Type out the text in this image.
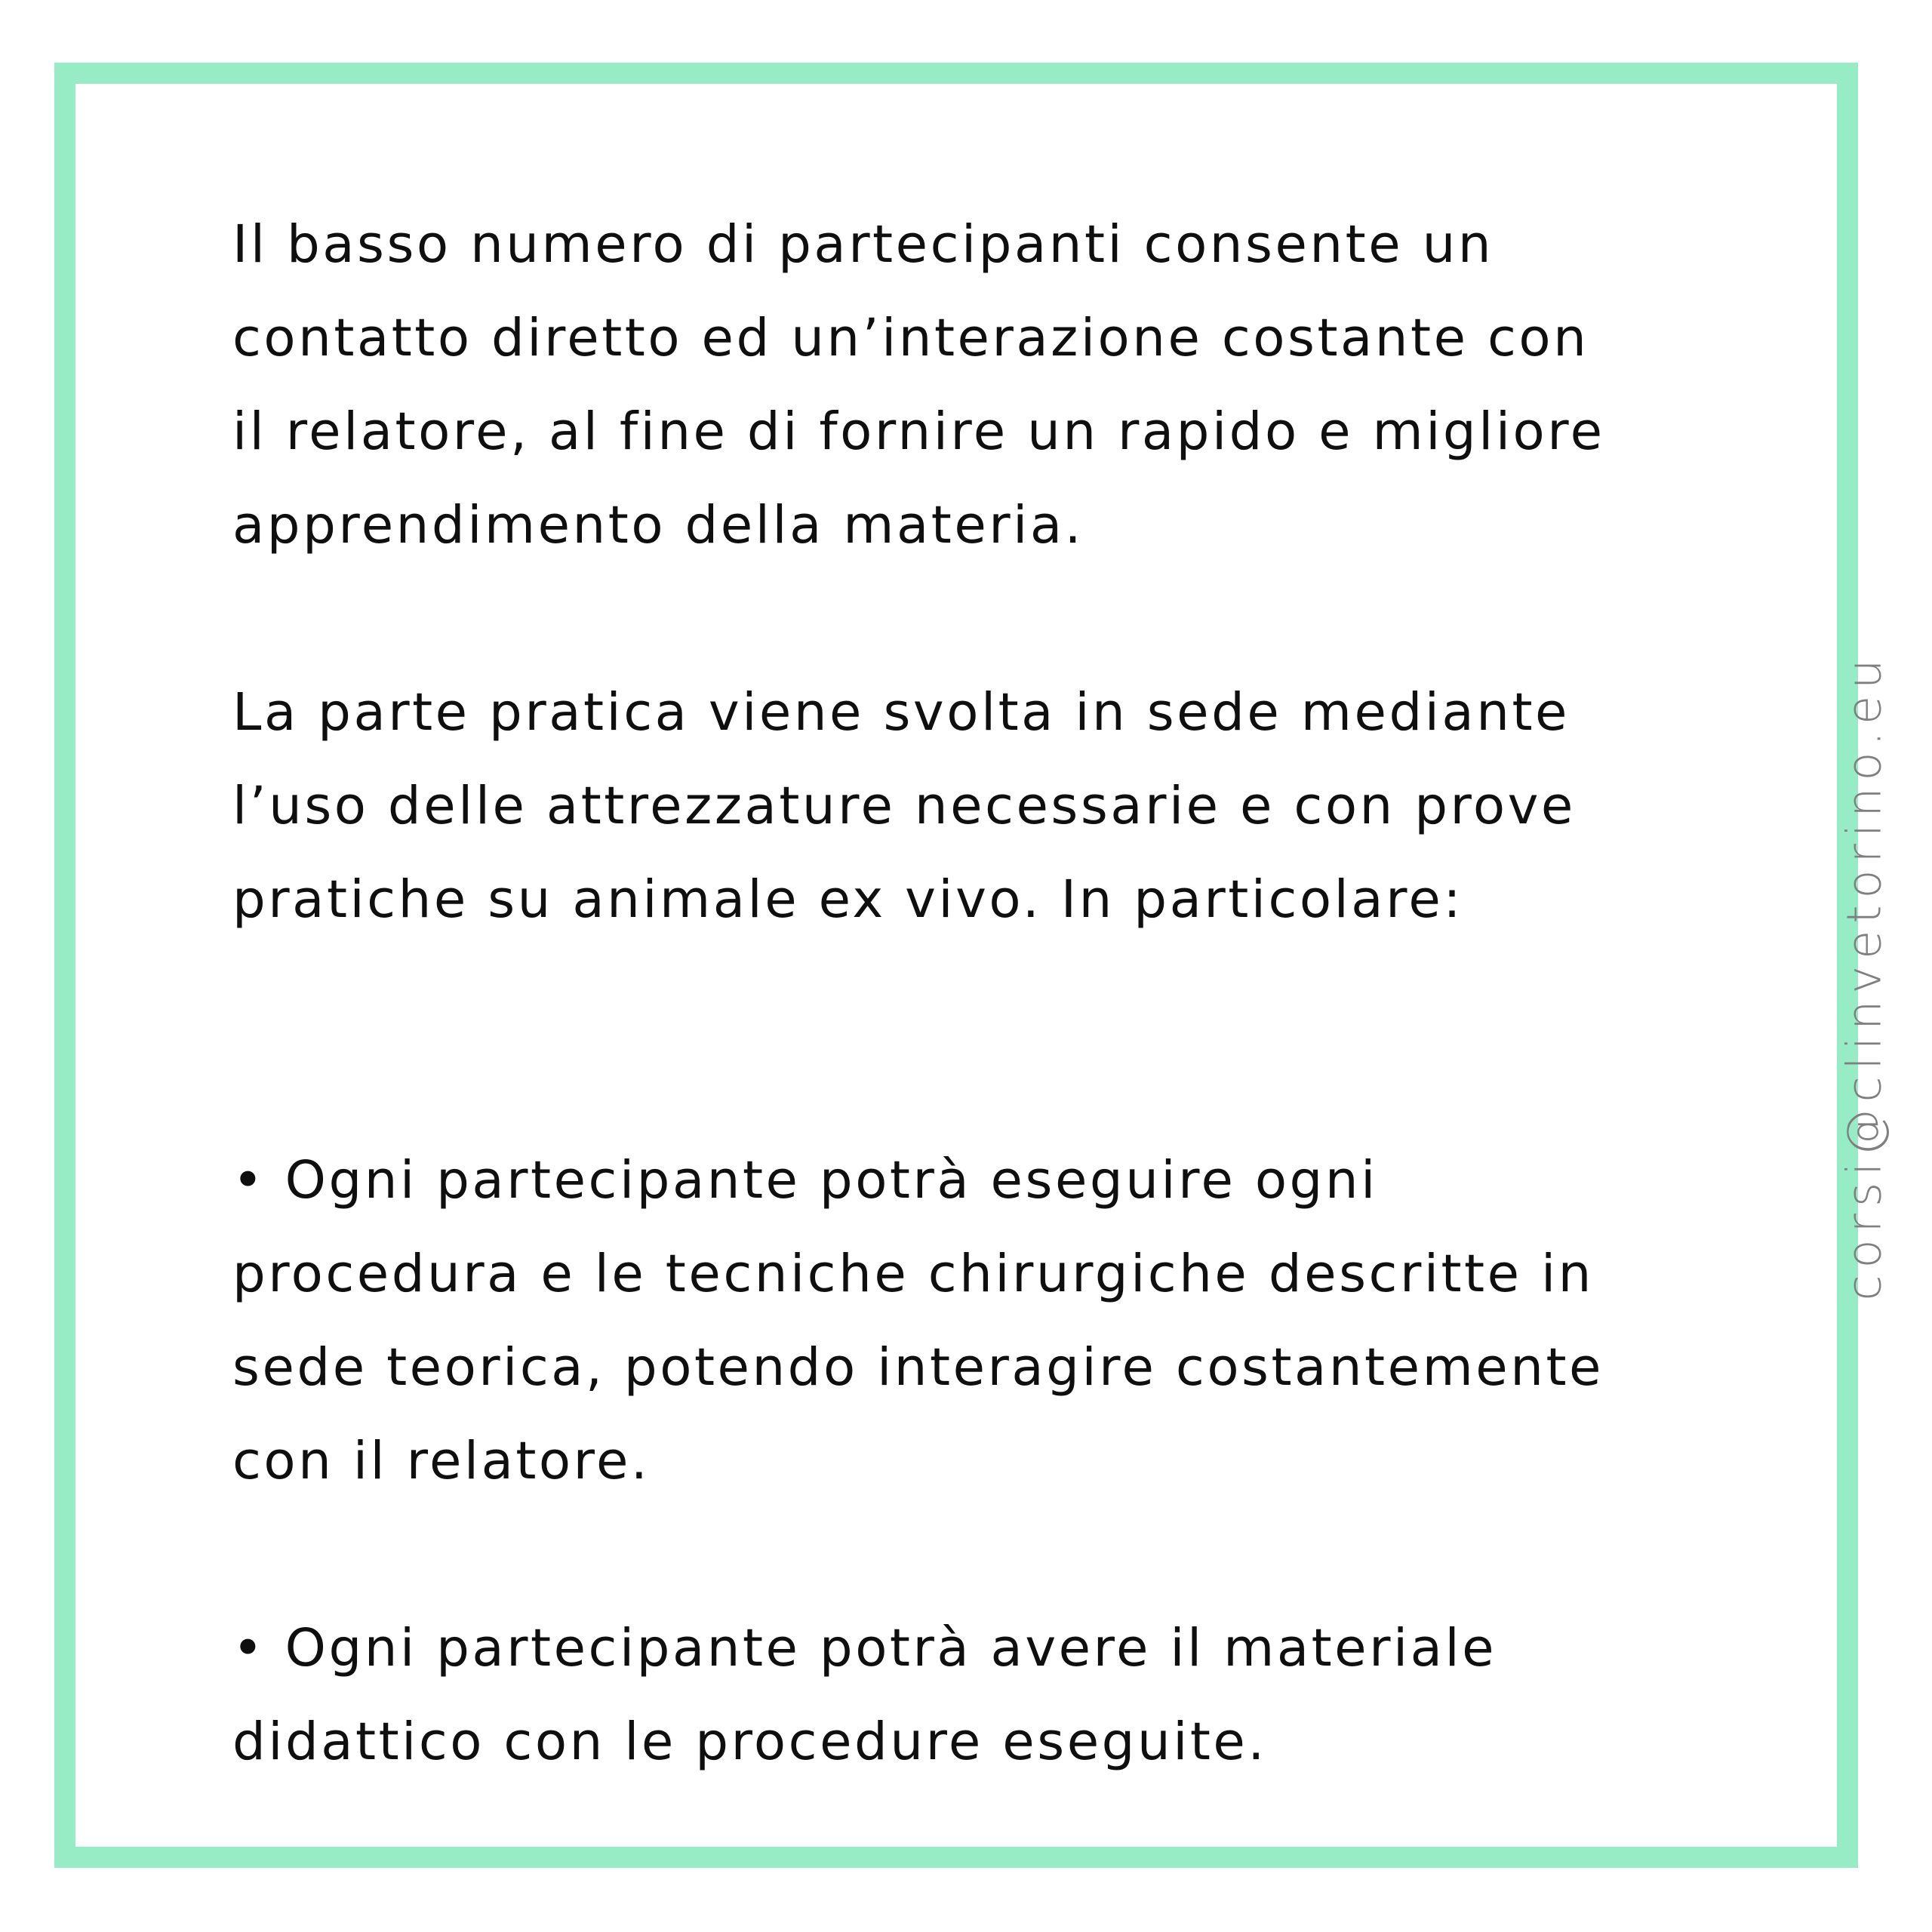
Il basso numero di partecipanti consente un
contatto diretto ed un’interazione costante con
il relatore, al fine di fornire un rapido e migliore
apprendimento della materia.
La parte pratica viene svolta in sede mediante
l’uso delle attrezzature necessarie e con prove
pratiche su animale ex vivo. In particolare:
• Ogni partecipante potrà eseguire ogni
procedura e le tecniche chirurgiche descritte in
sede teorica, potendo interagire costantemente
con il relatore.
• Ogni partecipante potrà avere il materiale
didattico con le procedure eseguite.
corsi@clinvetorino.eu
